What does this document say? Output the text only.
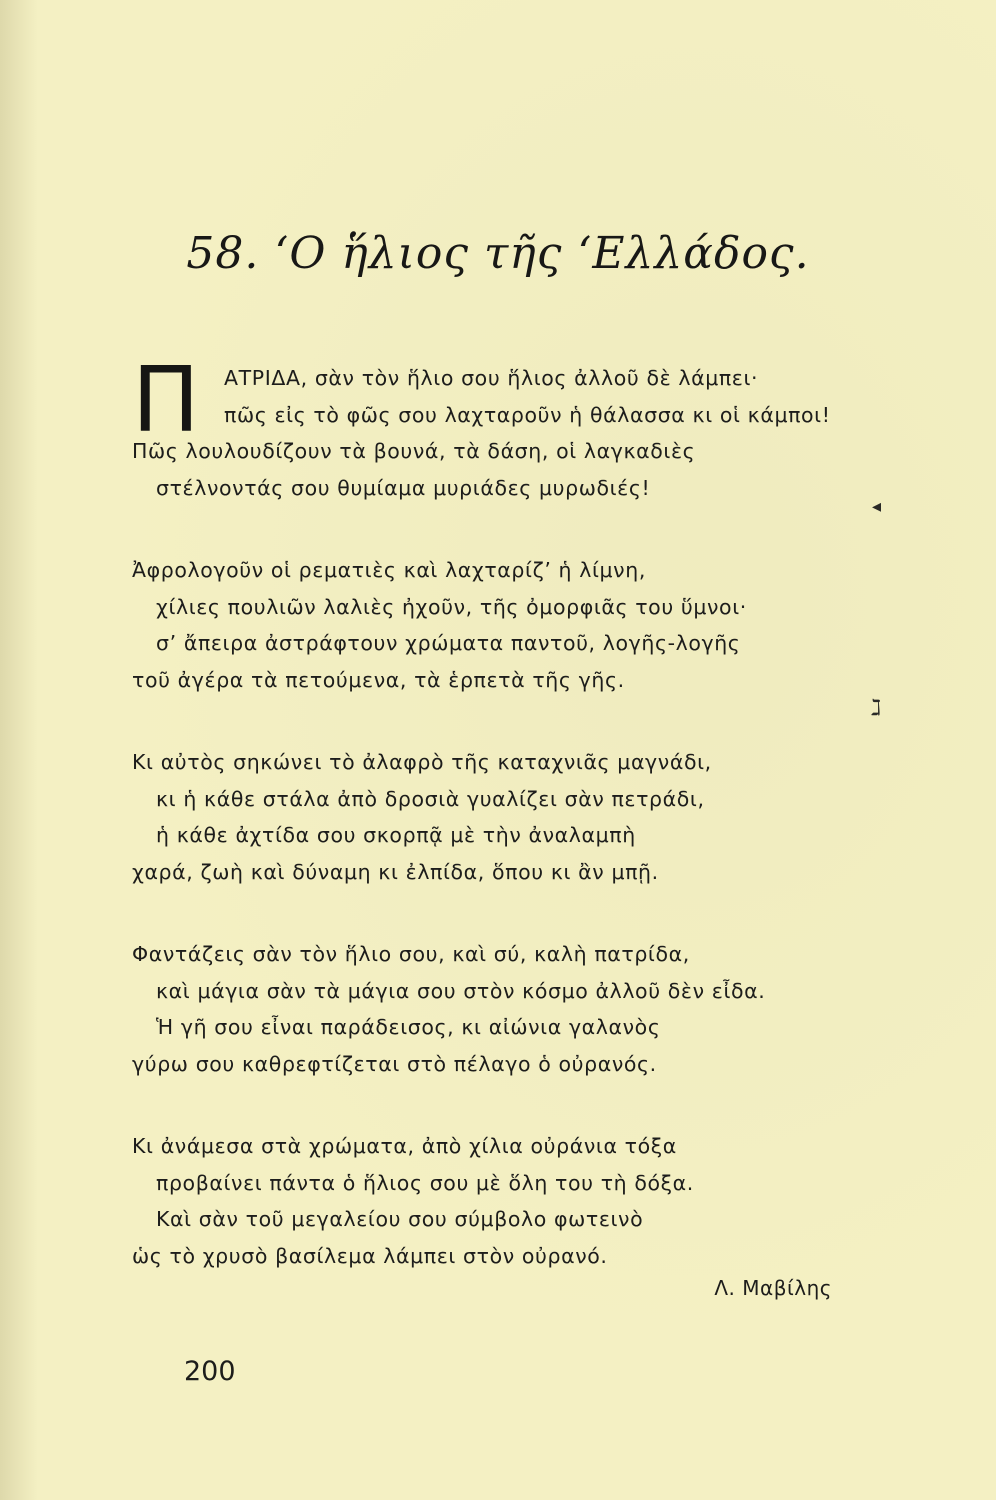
58. ‘Ο ἥλιος τῆς ‘Ελλάδος.
Π	ΑΤΡΙΔΑ, σὰν τὸν ἥλιο σου ἥλιος ἀλλοῦ δὲ λάμπει·
πῶς εἰς τὸ φῶς σου λαχταροῦν ἡ θάλασσα κι οἱ κάμποι!
Πῶς λουλουδίζουν τὰ βουνά, τὰ δάση, οἱ λαγκαδιὲς
στέλνοντάς σου θυμίαμα μυριάδες μυρωδιές!
Ἀφρολογοῦν οἱ ρεματιὲς καὶ λαχταρίζ’ ἡ λίμνη,
χίλιες πουλιῶν λαλιὲς ἠχοῦν, τῆς ὀμορφιᾶς του ὕμνοι·
σ’ ἄπειρα ἀστράφτουν χρώματα παντοῦ, λογῆς-λογῆς
τοῦ ἀγέρα τὰ πετούμενα, τὰ ἑρπετὰ τῆς γῆς.
Κι αὐτὸς σηκώνει τὸ ἀλαφρὸ τῆς καταχνιᾶς μαγνάδι,
κι ἡ κάθε στάλα ἀπὸ δροσιὰ γυαλίζει σὰν πετράδι,
ἡ κάθε ἀχτίδα σου σκορπᾷ μὲ τὴν ἀναλαμπὴ
χαρά, ζωὴ καὶ δύναμη κι ἐλπίδα, ὅπου κι ἂν μπῇ.
Φαντάζεις σὰν τὸν ἥλιο σου, καὶ σύ, καλὴ πατρίδα,
καὶ μάγια σὰν τὰ μάγια σου στὸν κόσμο ἀλλοῦ δὲν εἶδα.
Ἡ γῆ σου εἶναι παράδεισος, κι αἰώνια γαλανὸς
γύρω σου καθρεφτίζεται στὸ πέλαγο ὁ οὐρανός.
Κι ἀνάμεσα στὰ χρώματα, ἀπὸ χίλια οὐράνια τόξα
προβαίνει πάντα ὁ ἥλιος σου μὲ ὅλη του τὴ δόξα.
Καὶ σὰν τοῦ μεγαλείου σου σύμβολο φωτεινὸ
ὡς τὸ χρυσὸ βασίλεμα λάμπει στὸν οὐρανό.
Λ. Μαβίλης
200
◂
ℷ
